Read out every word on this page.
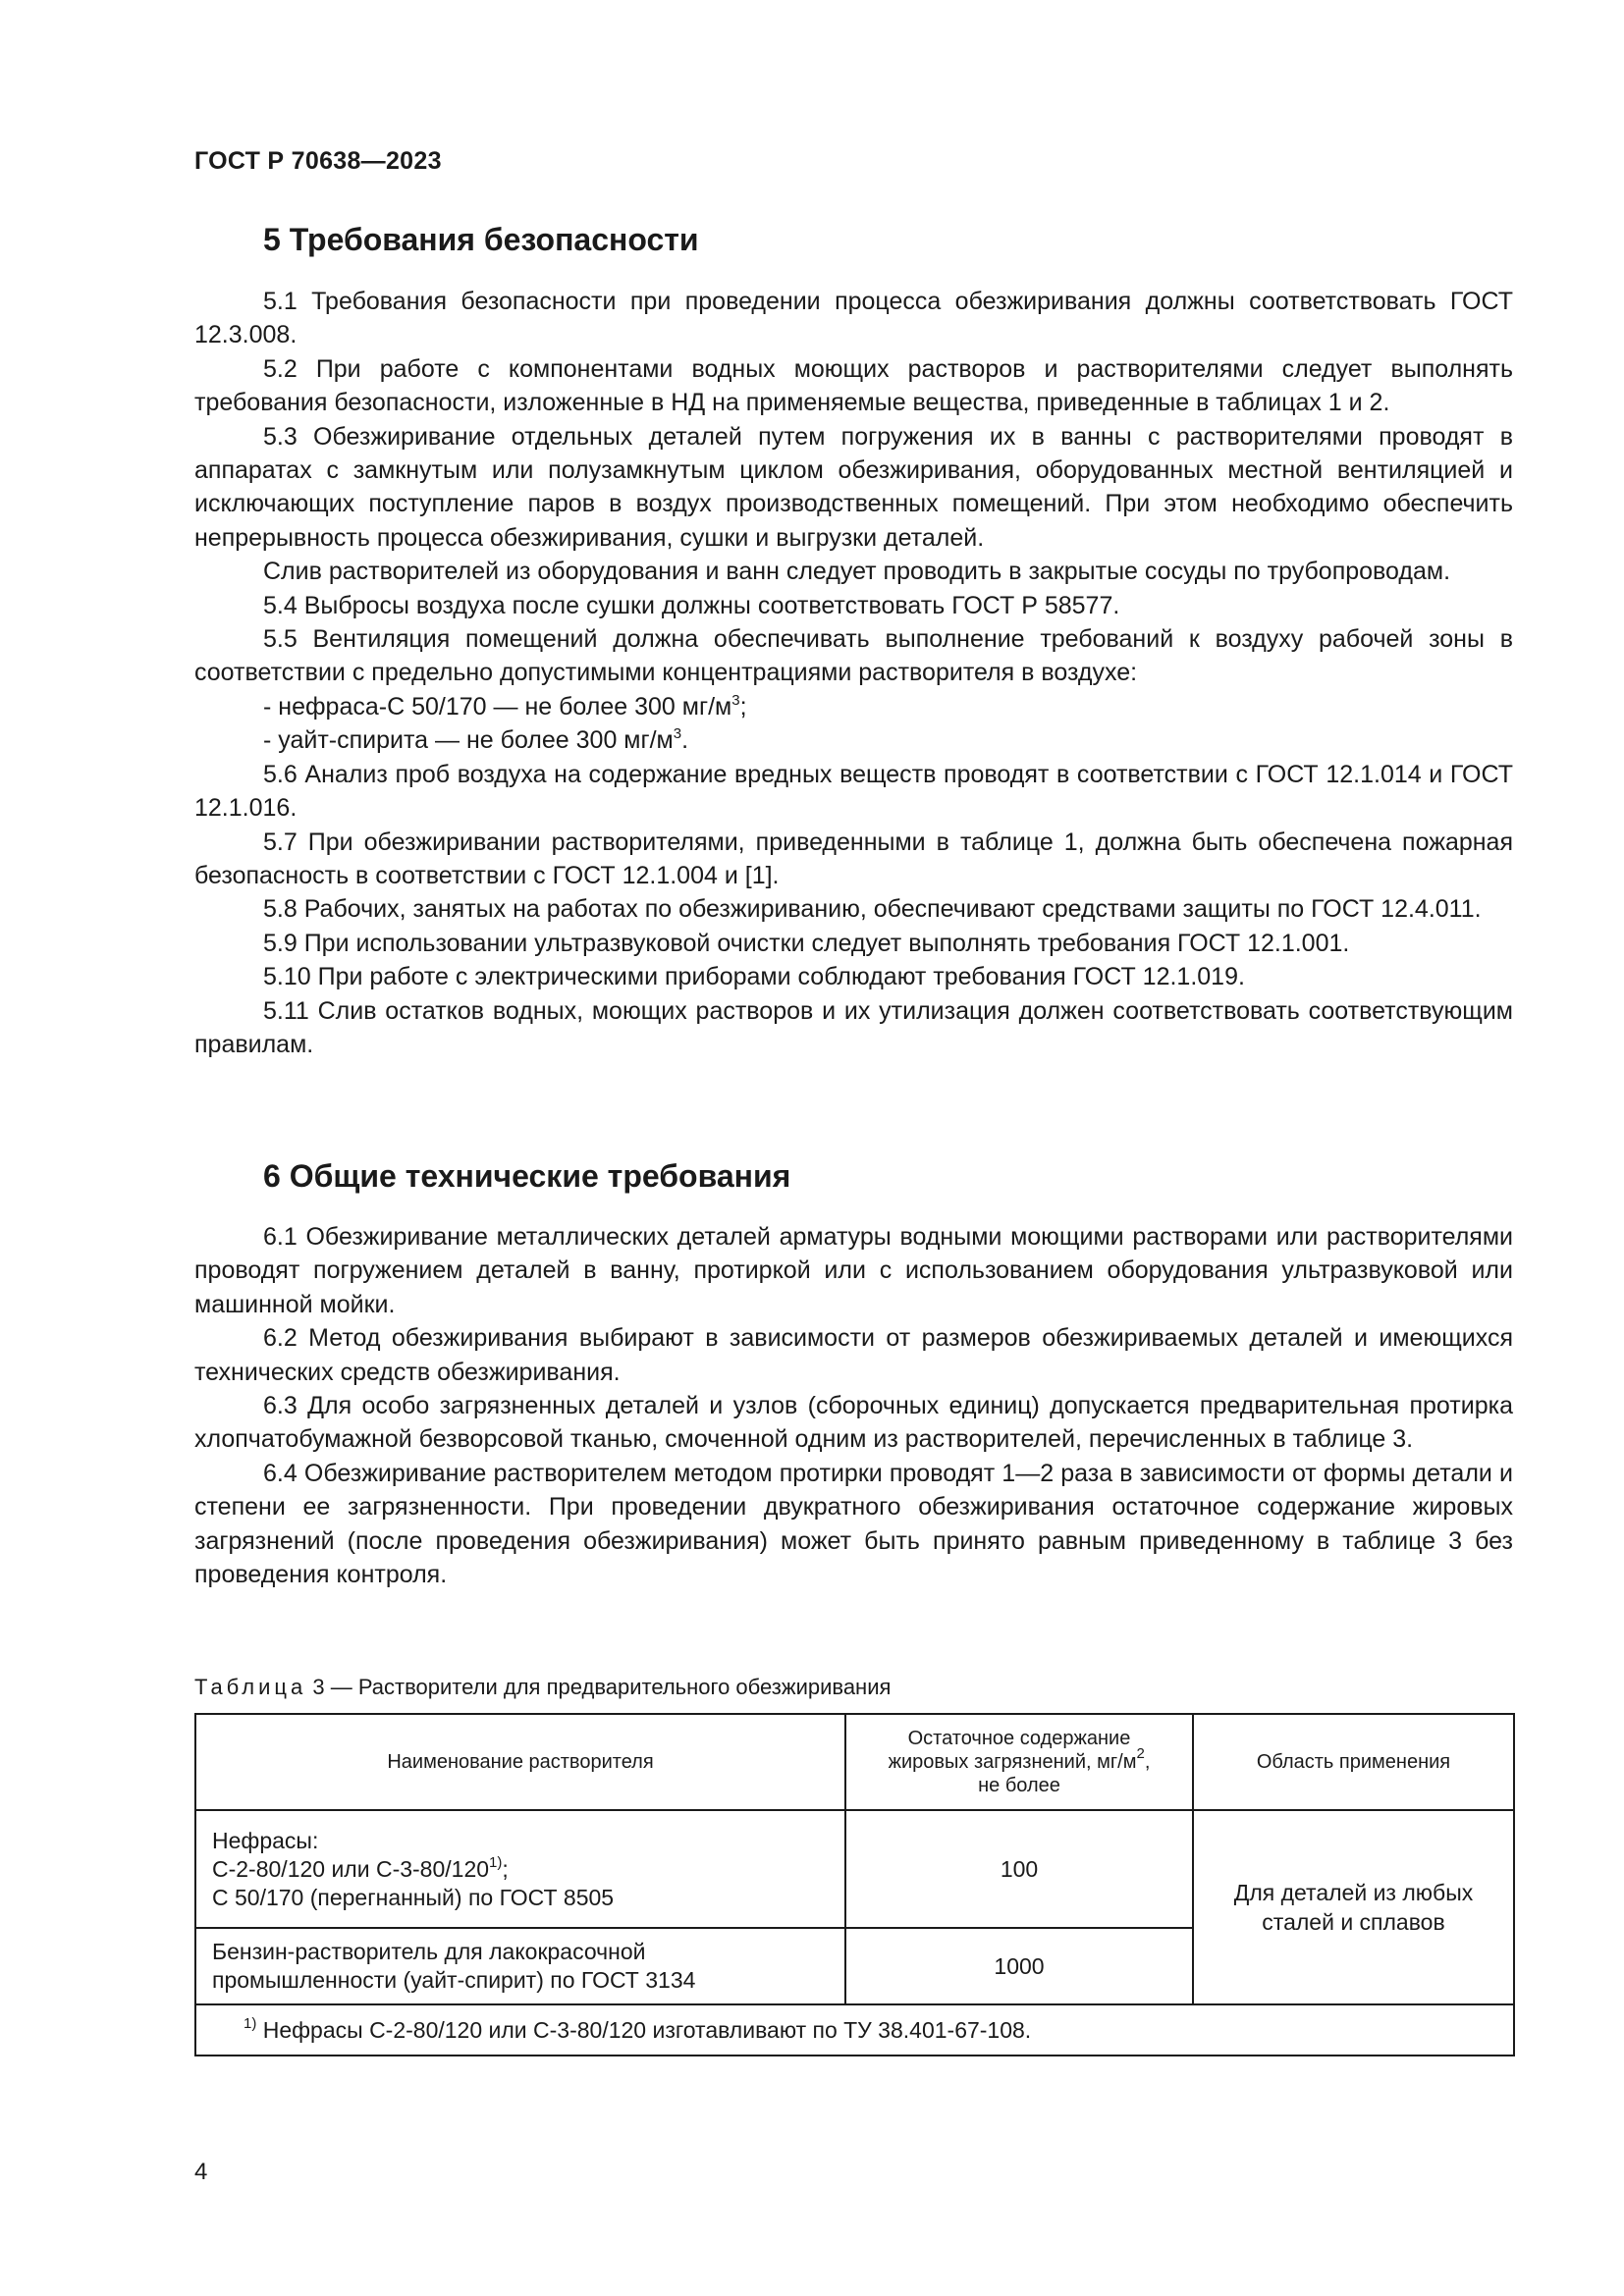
ГОСТ Р 70638—2023
5 Требования безопасности

5.1 Требования безопасности при проведении процесса обезжиривания должны соответствовать ГОСТ 12.3.008.

5.2 При работе с компонентами водных моющих растворов и растворителями следует выполнять требования безопасности, изложенные в НД на применяемые вещества, приведенные в таблицах 1 и 2.

5.3 Обезжиривание отдельных деталей путем погружения их в ванны с растворителями проводят в аппаратах с замкнутым или полузамкнутым циклом обезжиривания, оборудованных местной вентиляцией и исключающих поступление паров в воздух производственных помещений. При этом необходимо обеспечить непрерывность процесса обезжиривания, сушки и выгрузки деталей.

Слив растворителей из оборудования и ванн следует проводить в закрытые сосуды по трубопроводам.

5.4 Выбросы воздуха после сушки должны соответствовать ГОСТ Р 58577.

5.5 Вентиляция помещений должна обеспечивать выполнение требований к воздуху рабочей зоны в соответствии с предельно допустимыми концентрациями растворителя в воздухе:

- нефраса-С 50/170 — не более 300 $мг/м^3$;

- уайт-спирита — не более 300 $мг/м^3$.

5.6 Анализ проб воздуха на содержание вредных веществ проводят в соответствии с ГОСТ 12.1.014 и ГОСТ 12.1.016.

5.7 При обезжиривании растворителями, приведенными в таблице 1, должна быть обеспечена пожарная безопасность в соответствии с ГОСТ 12.1.004 и [1].

5.8 Рабочих, занятых на работах по обезжириванию, обеспечивают средствами защиты по ГОСТ 12.4.011.

5.9 При использовании ультразвуковой очистки следует выполнять требования ГОСТ 12.1.001.

5.10 При работе с электрическими приборами соблюдают требования ГОСТ 12.1.019.

5.11 Слив остатков водных, моющих растворов и их утилизация должен соответствовать соответствующим правилам.

6 Общие технические требования

6.1 Обезжиривание металлических деталей арматуры водными моющими растворами или растворителями проводят погружением деталей в ванну, протиркой или с использованием оборудования ультразвуковой или машинной мойки.

6.2 Метод обезжиривания выбирают в зависимости от размеров обезжириваемых деталей и имеющихся технических средств обезжиривания.

6.3 Для особо загрязненных деталей и узлов (сборочных единиц) допускается предварительная протирка хлопчатобумажной безворсовой тканью, смоченной одним из растворителей, перечисленных в таблице 3.

6.4 Обезжиривание растворителем методом протирки проводят 1—2 раза в зависимости от формы детали и степени ее загрязненности. При проведении двукратного обезжиривания остаточное содержание жировых загрязнений (после проведения обезжиривания) может быть принято равным приведенному в таблице 3 без проведения контроля.

Таблица 3 — Растворители для предварительного обезжиривания
Наименование растворителя	Остаточное содержание
жировых загрязнений, $мг/м^2$,
не более	Область применения
Нефрасы:
С-2-80/120 или С-3-80/120$^{1)}$;
С 50/170 (перегнанный) по ГОСТ 8505	100	Для деталей из любых сталей и сплавов

Бензин-растворитель для лакокрасочной промышленности (уайт-спирит) по ГОСТ 3134	1000	
$^{1)}$ Нефрасы С-2-80/120 или С-3-80/120 изготавливают по ТУ 38.401-67-108.		
4
